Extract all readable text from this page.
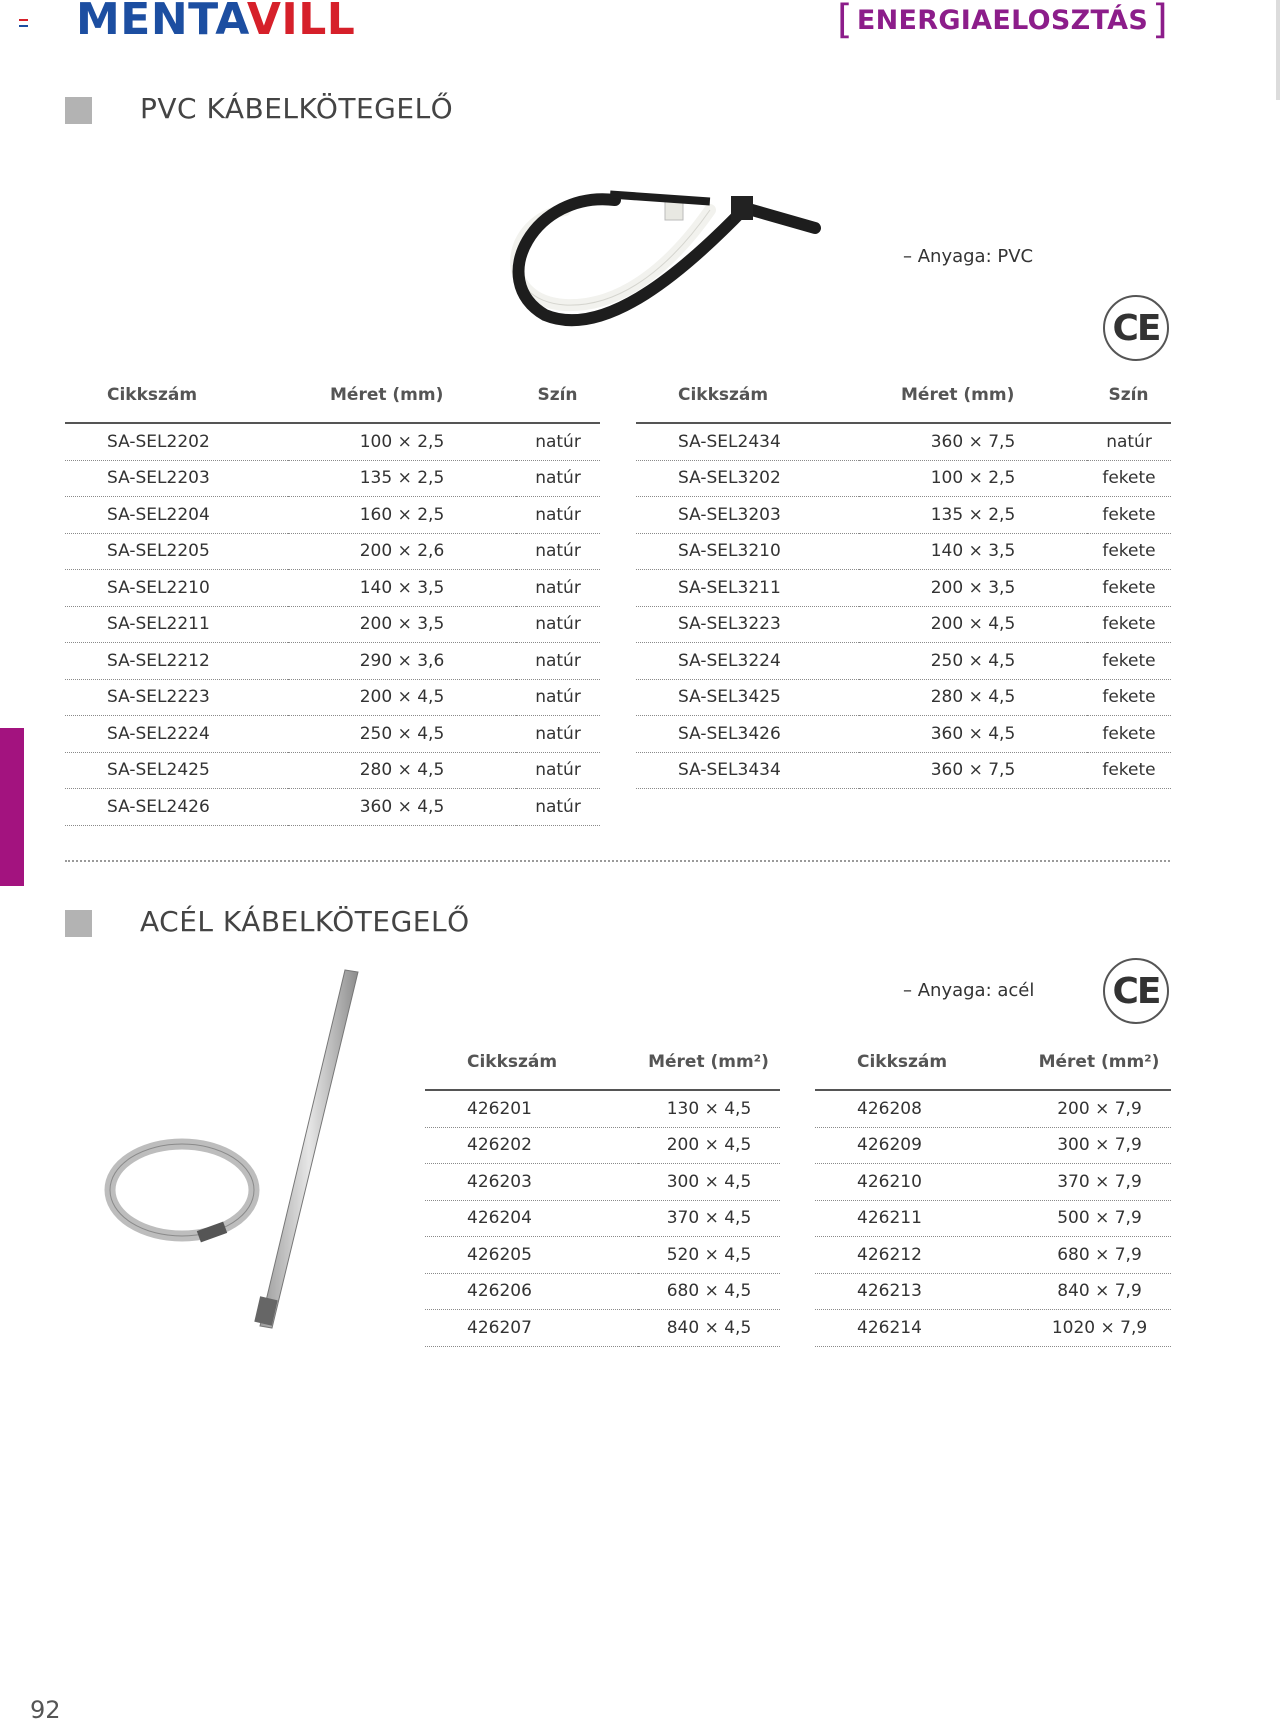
MENTAVILL	[ ENERGIAELOSZTÁS ]
PVC KÁBELKÖTEGELŐ
– Anyaga: PVC
CE
Cikkszám	Méret (mm)	Szín
SA-SEL2202	100 × 2,5	natúr
SA-SEL2203	135 × 2,5	natúr
SA-SEL2204	160 × 2,5	natúr
SA-SEL2205	200 × 2,6	natúr
SA-SEL2210	140 × 3,5	natúr
SA-SEL2211	200 × 3,5	natúr
SA-SEL2212	290 × 3,6	natúr
SA-SEL2223	200 × 4,5	natúr
SA-SEL2224	250 × 4,5	natúr
SA-SEL2425	280 × 4,5	natúr
SA-SEL2426	360 × 4,5	natúr
Cikkszám	Méret (mm)	Szín
SA-SEL2434	360 × 7,5	natúr
SA-SEL3202	100 × 2,5	fekete
SA-SEL3203	135 × 2,5	fekete
SA-SEL3210	140 × 3,5	fekete
SA-SEL3211	200 × 3,5	fekete
SA-SEL3223	200 × 4,5	fekete
SA-SEL3224	250 × 4,5	fekete
SA-SEL3425	280 × 4,5	fekete
SA-SEL3426	360 × 4,5	fekete
SA-SEL3434	360 × 7,5	fekete
ACÉL KÁBELKÖTEGELŐ
– Anyaga: acél CE
Cikkszám	Méret (mm²)
426201	130 × 4,5
426202	200 × 4,5
426203	300 × 4,5
426204	370 × 4,5
426205	520 × 4,5
426206	680 × 4,5
426207	840 × 4,5
Cikkszám	Méret (mm²)
426208	200 × 7,9
426209	300 × 7,9
426210	370 × 7,9
426211	500 × 7,9
426212	680 × 7,9
426213	840 × 7,9
426214	1020 × 7,9
92
